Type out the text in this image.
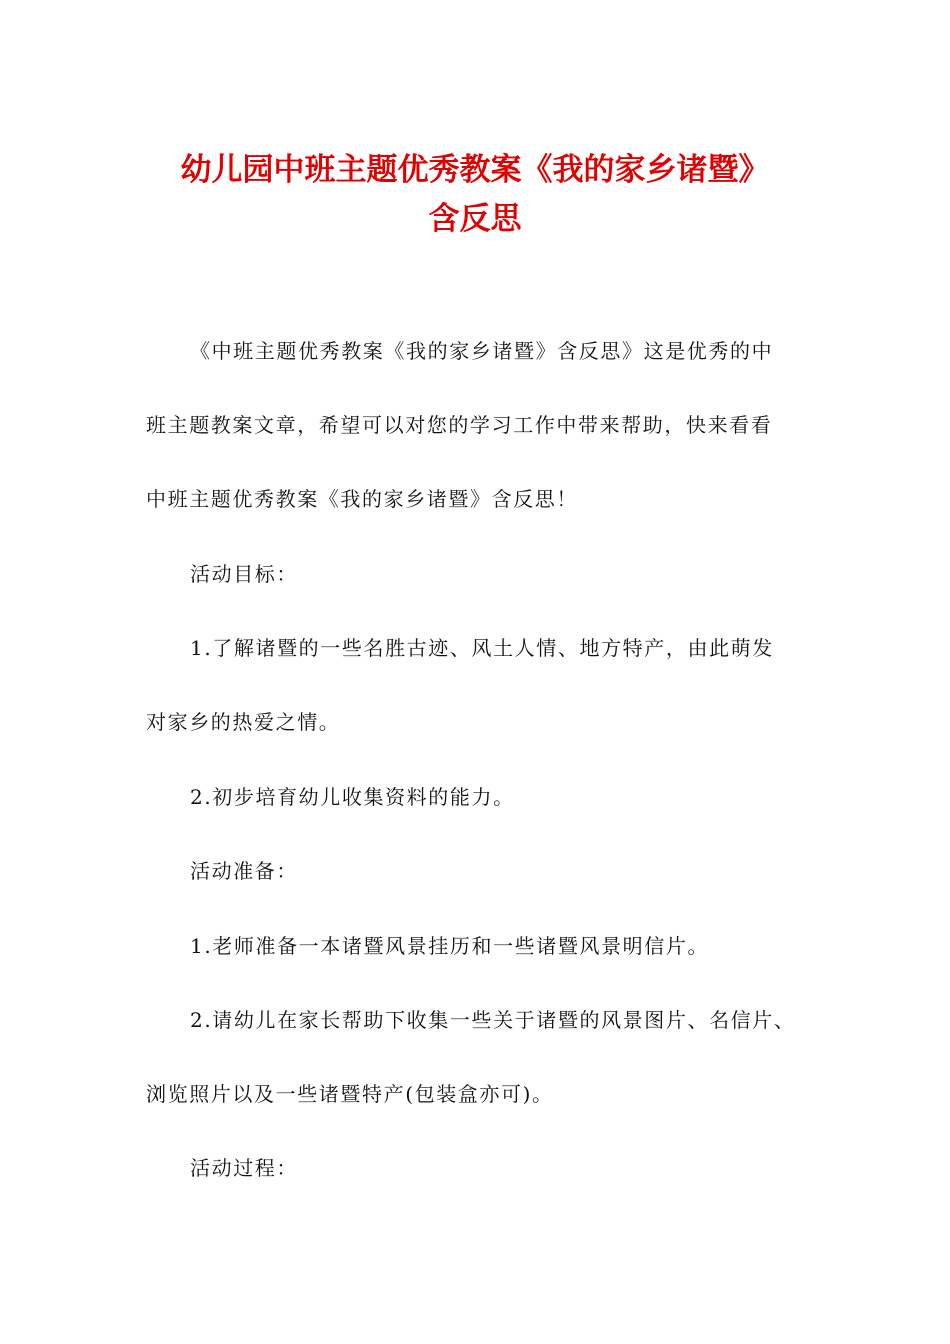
幼儿园中班主题优秀教案《我的家乡诸暨》
含反思
《中班主题优秀教案《我的家乡诸暨》含反思》这是优秀的中
班主题教案文章，希望可以对您的学习工作中带来帮助，快来看看
中班主题优秀教案《我的家乡诸暨》含反思！
活动目标：
1.了解诸暨的一些名胜古迹、风土人情、地方特产，由此萌发
对家乡的热爱之情。
2.初步培育幼儿收集资料的能力。
活动准备：
1.老师准备一本诸暨风景挂历和一些诸暨风景明信片。
2.请幼儿在家长帮助下收集一些关于诸暨的风景图片、名信片、
浏览照片以及一些诸暨特产(包装盒亦可)。
活动过程：
